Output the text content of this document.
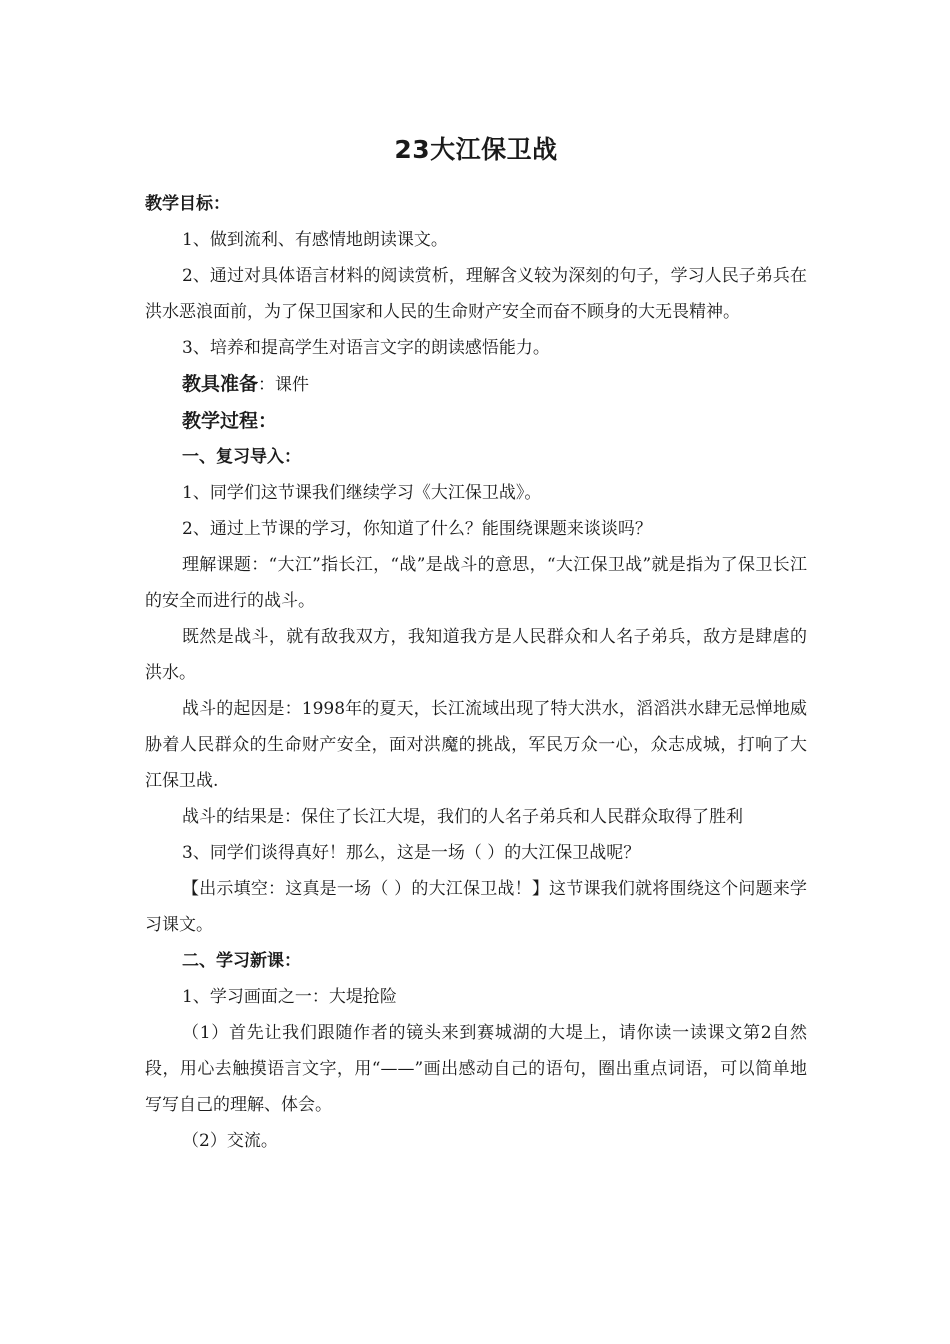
23大江保卫战

教学目标：

1、做到流利、有感情地朗读课文。

2、通过对具体语言材料的阅读赏析，理解含义较为深刻的句子，学习人民子弟兵在洪水恶浪面前，为了保卫国家和人民的生命财产安全而奋不顾身的大无畏精神。

3、培养和提高学生对语言文字的朗读感悟能力。

教具准备：课件

教学过程：

一、复习导入：

1、同学们这节课我们继续学习《大江保卫战》。

2、通过上节课的学习，你知道了什么？能围绕课题来谈谈吗？

理解课题：“大江”指长江，“战”是战斗的意思，“大江保卫战”就是指为了保卫长江的安全而进行的战斗。

既然是战斗，就有敌我双方，我知道我方是人民群众和人名子弟兵，敌方是肆虐的洪水。

战斗的起因是：1998年的夏天，长江流域出现了特大洪水，滔滔洪水肆无忌惮地威胁着人民群众的生命财产安全，面对洪魔的挑战，军民万众一心，众志成城，打响了大江保卫战.

战斗的结果是：保住了长江大堤，我们的人名子弟兵和人民群众取得了胜利

3、同学们谈得真好！那么，这是一场（ ）的大江保卫战呢？

【出示填空：这真是一场（ ）的大江保卫战！】这节课我们就将围绕这个问题来学习课文。

二、学习新课：

1、学习画面之一：大堤抢险

（1）首先让我们跟随作者的镜头来到赛城湖的大堤上，请你读一读课文第2自然段，用心去触摸语言文字，用“——”画出感动自己的语句，圈出重点词语，可以简单地写写自己的理解、体会。

（2）交流。
